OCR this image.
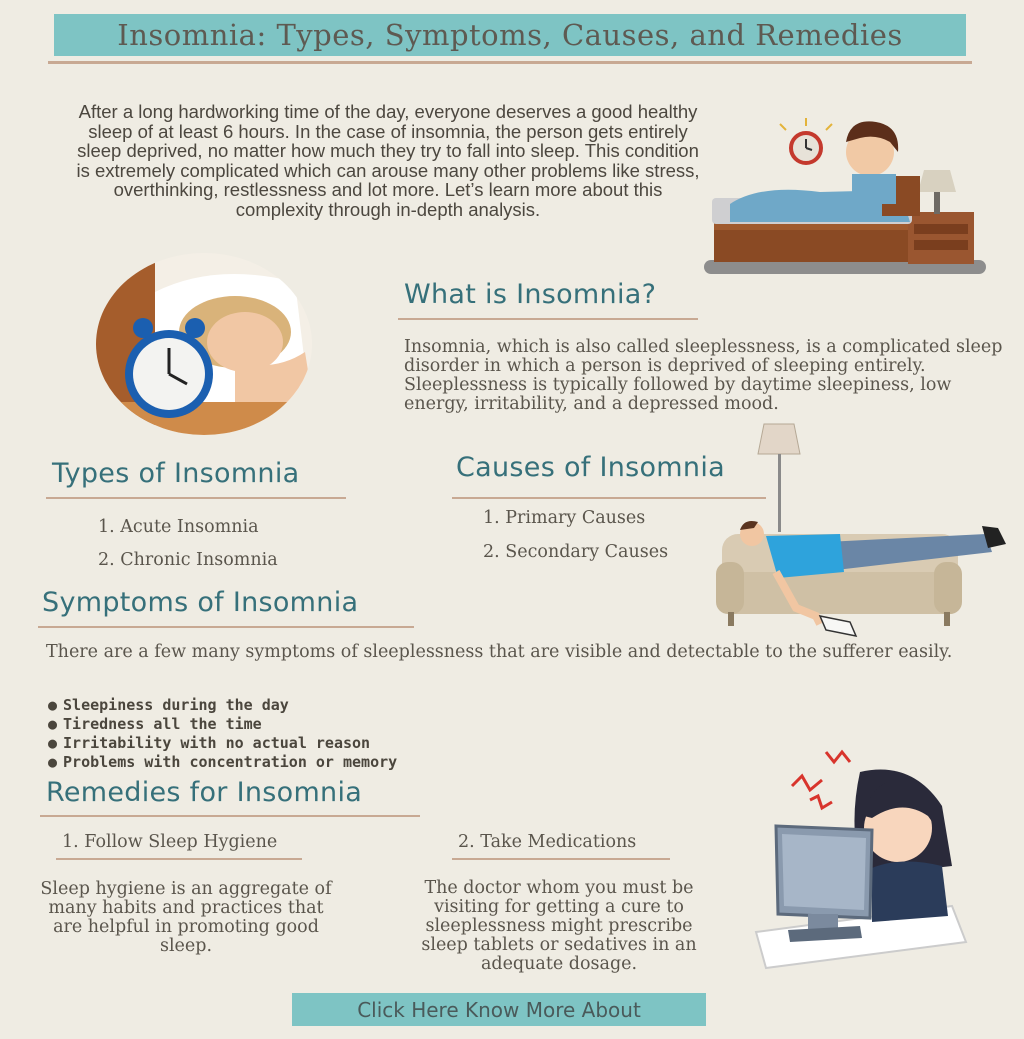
Insomnia: Types, Symptoms, Causes, and Remedies
After a long hardworking time of the day, everyone deserves a good healthy sleep of at least 6 hours. In the case of insomnia, the person gets entirely sleep deprived, no matter how much they try to fall into sleep. This condition is extremely complicated which can arouse many other problems like stress, overthinking, restlessness and lot more. Let’s learn more about this complexity through in-depth analysis.
What is Insomnia?
Insomnia, which is also called sleeplessness, is a complicated sleep disorder in which a person is deprived of sleeping entirely. Sleeplessness is typically followed by daytime sleepiness, low energy, irritability, and a depressed mood.
Types of Insomnia
1. Acute Insomnia
2. Chronic Insomnia
Causes of Insomnia
1. Primary Causes
2. Secondary Causes
Symptoms of Insomnia
There are a few many symptoms of sleeplessness that are visible and detectable to the sufferer easily.
● Sleepiness during the day
● Tiredness all the time
● Irritability with no actual reason
● Problems with concentration or memory
Remedies for Insomnia
1. Follow Sleep Hygiene
Sleep hygiene is an aggregate of many habits and practices that are helpful in promoting good sleep.
2. Take Medications
The doctor whom you must be visiting for getting a cure to sleeplessness might prescribe sleep tablets or sedatives in an adequate dosage.
Click Here Know More About
